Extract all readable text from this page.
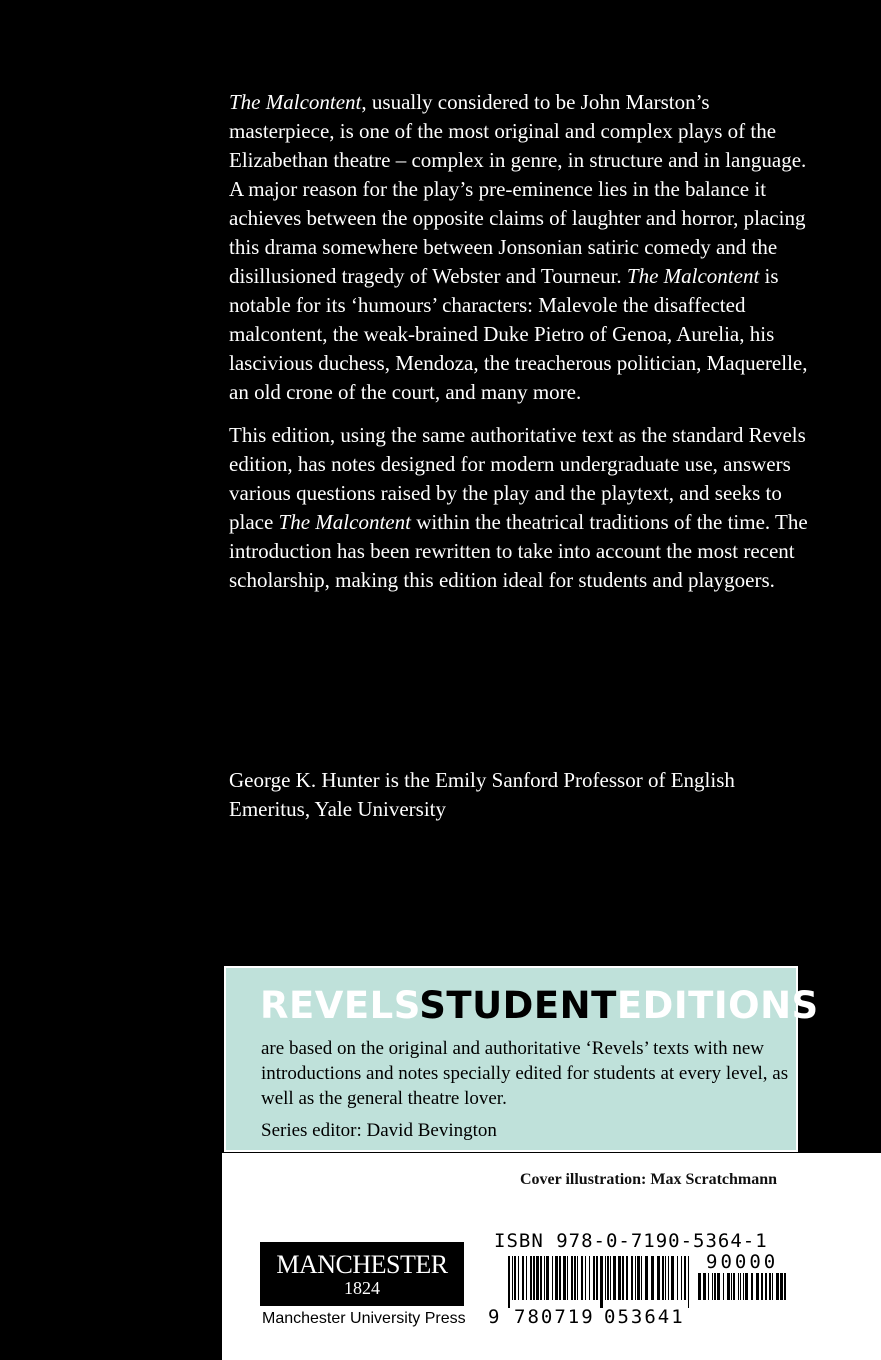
The Malcontent, usually considered to be John Marston’s masterpiece, is one of the most original and complex plays of the Elizabethan theatre – complex in genre, in structure and in language. A major reason for the play’s pre-eminence lies in the balance it achieves between the opposite claims of laughter and horror, placing this drama somewhere between Jonsonian satiric comedy and the disillusioned tragedy of Webster and Tourneur. The Malcontent is notable for its ‘humours’ characters: Malevole the disaffected malcontent, the weak-brained Duke Pietro of Genoa, Aurelia, his lascivious duchess, Mendoza, the treacherous politician, Maquerelle, an old crone of the court, and many more.

This edition, using the same authoritative text as the standard Revels edition, has notes designed for modern undergraduate use, answers various questions raised by the play and the playtext, and seeks to place The Malcontent within the theatrical traditions of the time. The introduction has been rewritten to take into account the most recent scholarship, making this edition ideal for students and playgoers.

George K. Hunter is the Emily Sanford Professor of English Emeritus, Yale University

REVELSSTUDENTEDITIONS
are based on the original and authoritative ‘Revels’ texts with new introductions and notes specially edited for students at every level, as well as the general theatre lover.
Series editor: David Bevington
Cover illustration: Max Scratchmann
MANCHESTER
1824
Manchester University Press
ISBN 978-0-7190-5364-1
90000
9 780719 053641
